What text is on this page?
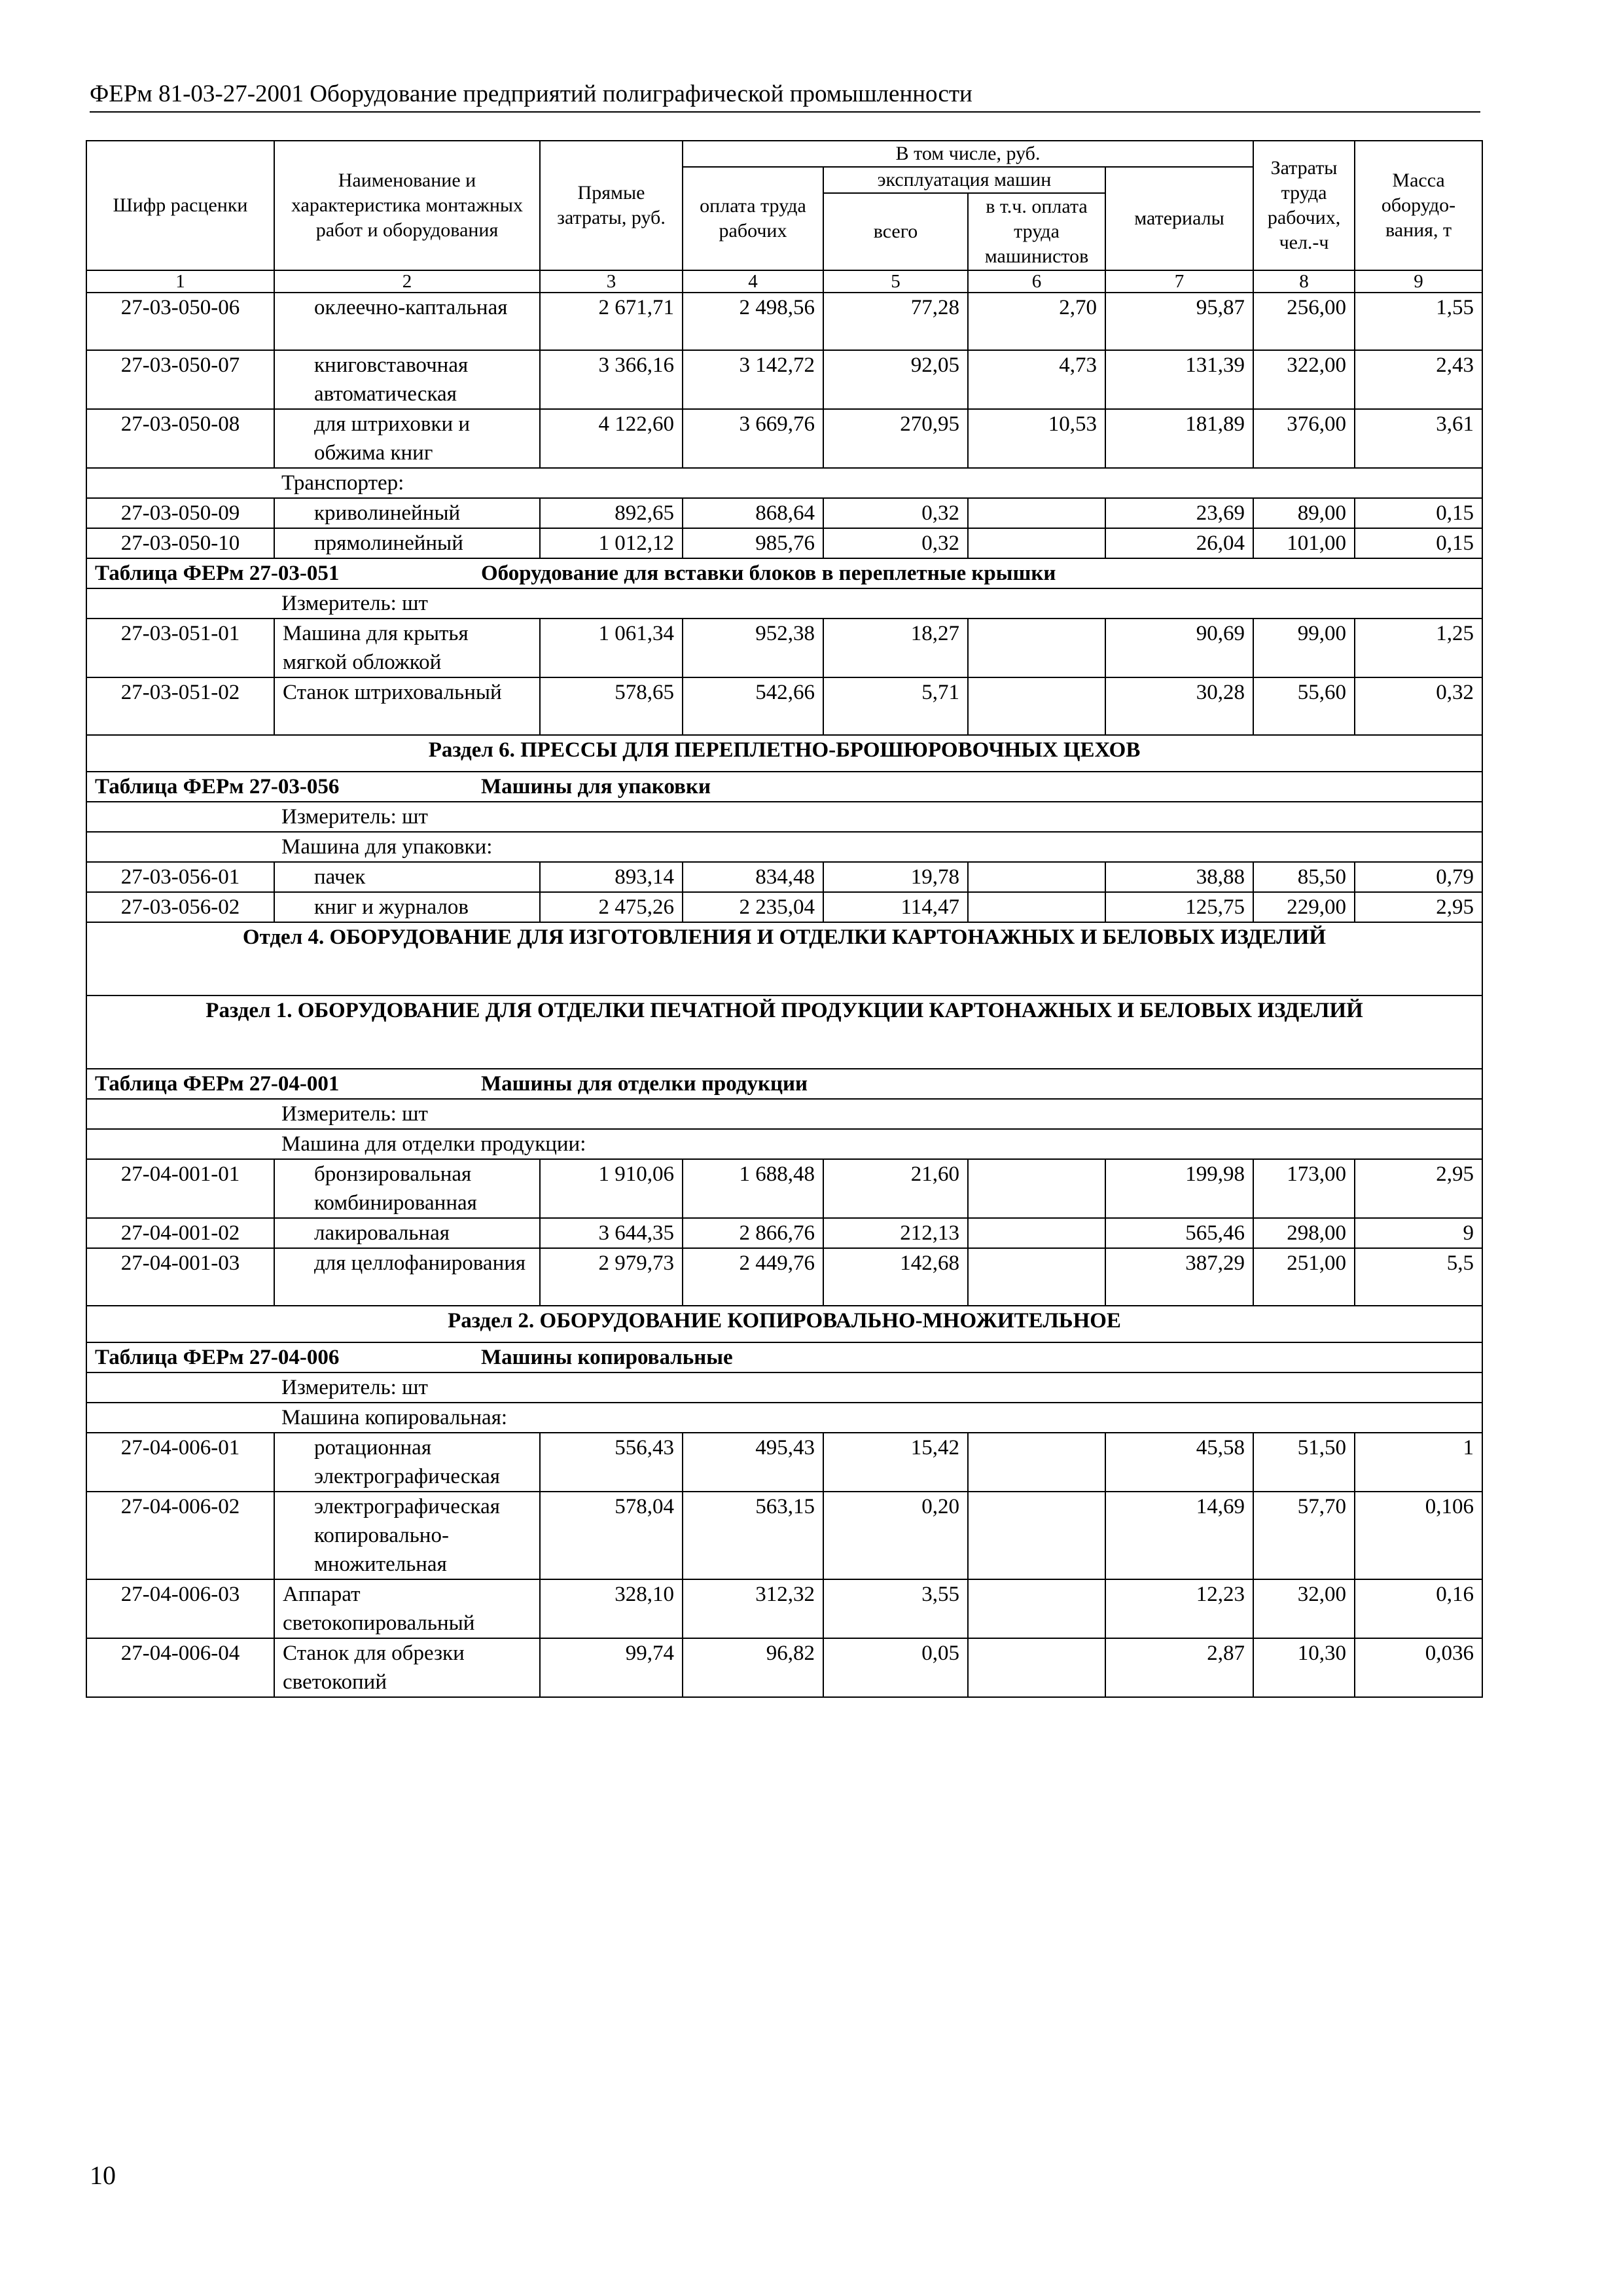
ФЕРм 81-03-27-2001 Оборудование предприятий полиграфической промышленности
Шифр расценки	Наименование и характеристика монтажных работ и оборудования	Прямые затраты, руб.	В том числе, руб.				Затраты труда рабочих, чел.-ч	Масса оборудо-вания, т
			оплата труда рабочих	эксплуатация машин		материалы		
				всего	в т.ч. оплата труда машинистов			
1	2	3	4	5	6	7	8	9
27-03-050-06	оклеечно-каптальная	2 671,71	2 498,56	77,28	2,70	95,87	256,00	1,55
27-03-050-07	книговставочная автоматическая	3 366,16	3 142,72	92,05	4,73	131,39	322,00	2,43
27-03-050-08	для штриховки и обжима книг	4 122,60	3 669,76	270,95	10,53	181,89	376,00	3,61
Транспортер:								
27-03-050-09	криволинейный	892,65	868,64	0,32		23,69	89,00	0,15
27-03-050-10	прямолинейный	1 012,12	985,76	0,32		26,04	101,00	0,15
Таблица ФЕРм 27-03-051 Оборудование для вставки блоков в переплетные крышки								
Измеритель: шт								
27-03-051-01	Машина для крытья мягкой обложкой	1 061,34	952,38	18,27		90,69	99,00	1,25
27-03-051-02	Станок штриховальный	578,65	542,66	5,71		30,28	55,60	0,32
Раздел 6. ПРЕССЫ ДЛЯ ПЕРЕПЛЕТНО-БРОШЮРОВОЧНЫХ ЦЕХОВ								
Таблица ФЕРм 27-03-056 Машины для упаковки								
Измеритель: шт								
Машина для упаковки:								
27-03-056-01	пачек	893,14	834,48	19,78		38,88	85,50	0,79
27-03-056-02	книг и журналов	2 475,26	2 235,04	114,47		125,75	229,00	2,95
Отдел 4. ОБОРУДОВАНИЕ ДЛЯ ИЗГОТОВЛЕНИЯ И ОТДЕЛКИ КАРТОНАЖНЫХ И БЕЛОВЫХ ИЗДЕЛИЙ								
Раздел 1. ОБОРУДОВАНИЕ ДЛЯ ОТДЕЛКИ ПЕЧАТНОЙ ПРОДУКЦИИ КАРТОНАЖНЫХ И БЕЛОВЫХ ИЗДЕЛИЙ								
Таблица ФЕРм 27-04-001 Машины для отделки продукции								
Измеритель: шт								
Машина для отделки продукции:								
27-04-001-01	бронзировальная комбинированная	1 910,06	1 688,48	21,60		199,98	173,00	2,95
27-04-001-02	лакировальная	3 644,35	2 866,76	212,13		565,46	298,00	9
27-04-001-03	для целлофанирования	2 979,73	2 449,76	142,68		387,29	251,00	5,5
Раздел 2. ОБОРУДОВАНИЕ КОПИРОВАЛЬНО-МНОЖИТЕЛЬНОЕ								
Таблица ФЕРм 27-04-006 Машины копировальные								
Измеритель: шт								
Машина копировальная:								
27-04-006-01	ротационная электрографическая	556,43	495,43	15,42		45,58	51,50	1
27-04-006-02	электрографическая копировально-множительная	578,04	563,15	0,20		14,69	57,70	0,106
27-04-006-03	Аппарат светокопировальный	328,10	312,32	3,55		12,23	32,00	0,16
27-04-006-04	Станок для обрезки светокопий	99,74	96,82	0,05		2,87	10,30	0,036
10
